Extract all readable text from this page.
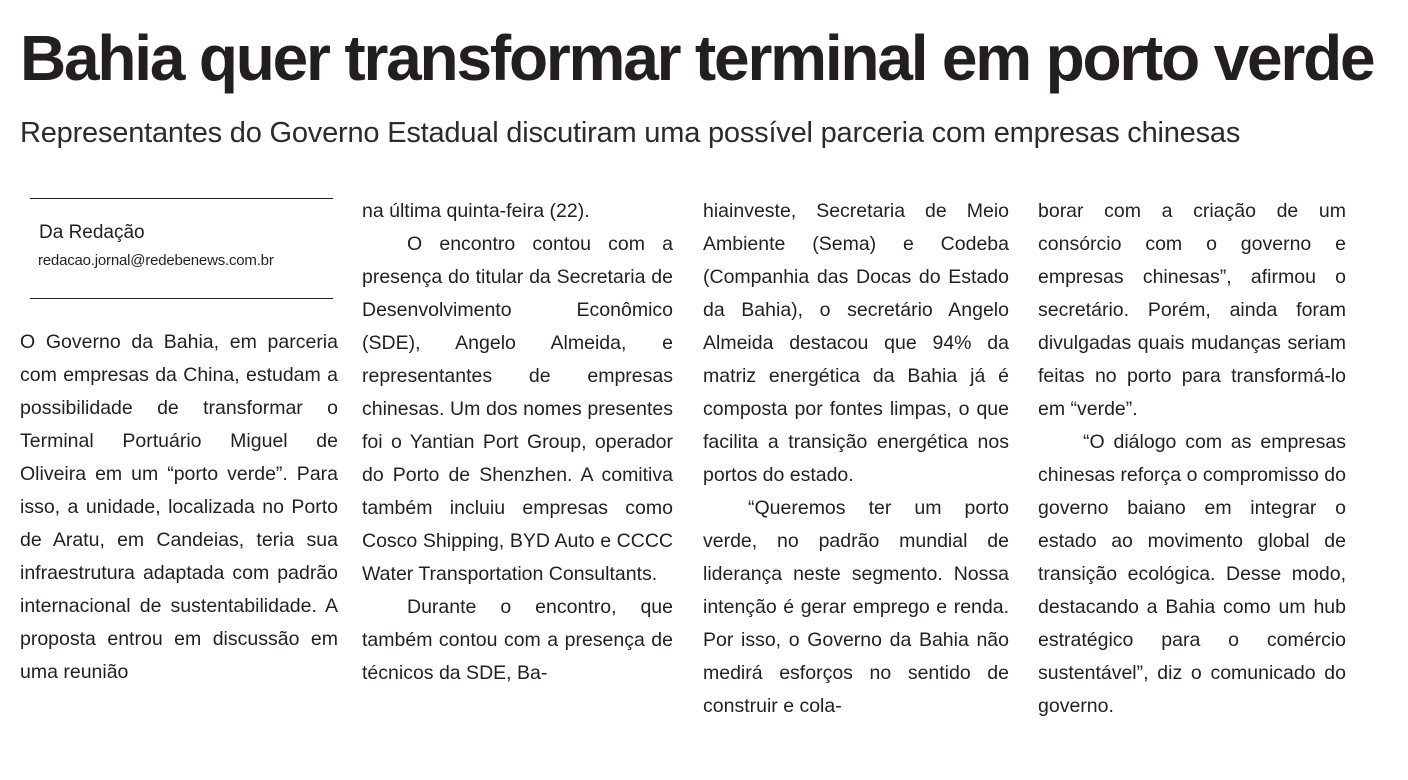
Bahia quer transformar terminal em porto verde
Representantes do Governo Estadual discutiram uma possível parceria com empresas chinesas
Da Redação
redacao.jornal@redebenews.com.br

O Governo da Bahia, em parceria com empresas da China, estudam a possibilidade de transformar o Terminal Portuário Miguel de Oliveira em um “porto verde”. Para isso, a unidade, localizada no Porto de Aratu, em Candeias, teria sua infraestrutura adaptada com padrão internacional de sustentabilidade. A proposta entrou em discussão em uma reunião

na última quinta-feira (22).

O encontro contou com a presença do titular da Secretaria de Desenvolvimento Econômico (SDE), Angelo Almeida, e representantes de empresas chinesas. Um dos nomes presentes foi o Yantian Port Group, operador do Porto de Shenzhen. A comitiva também incluiu empresas como Cosco Shipping, BYD Auto e CCCC Water Transportation Consultants.

Durante o encontro, que também contou com a presença de técnicos da SDE, Ba-

hiainveste, Secretaria de Meio Ambiente (Sema) e Codeba (Companhia das Docas do Estado da Bahia), o secretário Angelo Almeida destacou que 94% da matriz energética da Bahia já é composta por fontes limpas, o que facilita a transição energética nos portos do estado.

“Queremos ter um porto verde, no padrão mundial de liderança neste segmento. Nossa intenção é gerar emprego e renda. Por isso, o Governo da Bahia não medirá esforços no sentido de construir e cola-

borar com a criação de um consórcio com o governo e empresas chinesas”, afirmou o secretário. Porém, ainda foram divulgadas quais mudanças seriam feitas no porto para transformá-lo em “verde”.

“O diálogo com as empresas chinesas reforça o compromisso do governo baiano em integrar o estado ao movimento global de transição ecológica. Desse modo, destacando a Bahia como um hub estratégico para o comércio sustentável”, diz o comunicado do governo.
